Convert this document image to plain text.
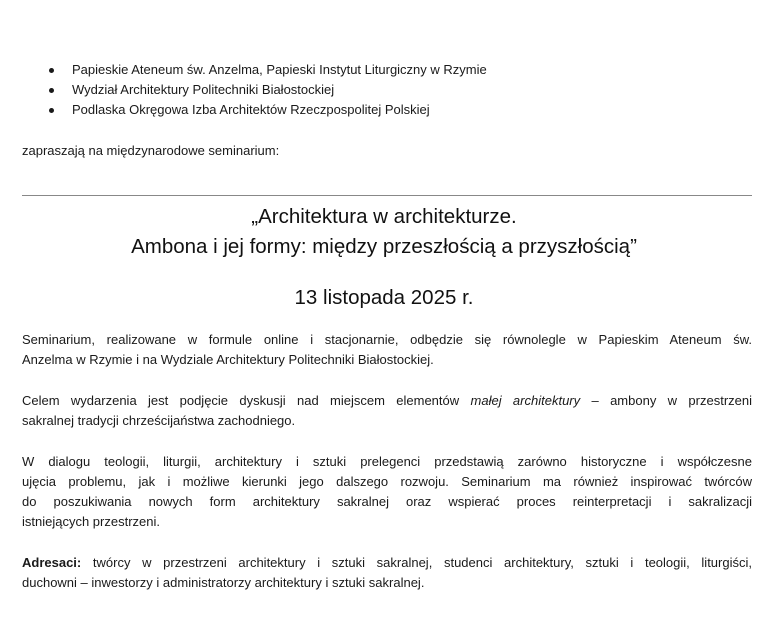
Papieskie Ateneum św. Anzelma, Papieski Instytut Liturgiczny w Rzymie
Wydział Architektury Politechniki Białostockiej
Podlaska Okręgowa Izba Architektów Rzeczpospolitej Polskiej
zapraszają na międzynarodowe seminarium:
„Architektura w architekturze.
Ambona i jej formy: między przeszłością a przyszłością”
13 listopada 2025 r.
Seminarium, realizowane w formule online i stacjonarnie, odbędzie się równolegle w Papieskim Ateneum św.
Anzelma w Rzymie i na Wydziale Architektury Politechniki Białostockiej.
Celem wydarzenia jest podjęcie dyskusji nad miejscem elementów małej architektury – ambony w przestrzeni
sakralnej tradycji chrześcijaństwa zachodniego.
W dialogu teologii, liturgii, architektury i sztuki prelegenci przedstawią zarówno historyczne i współczesne
ujęcia problemu, jak i możliwe kierunki jego dalszego rozwoju. Seminarium ma również inspirować twórców
do poszukiwania nowych form architektury sakralnej oraz wspierać proces reinterpretacji i sakralizacji
istniejących przestrzeni.
Adresaci: twórcy w przestrzeni architektury i sztuki sakralnej, studenci architektury, sztuki i teologii, liturgiści,
duchowni – inwestorzy i administratorzy architektury i sztuki sakralnej.
